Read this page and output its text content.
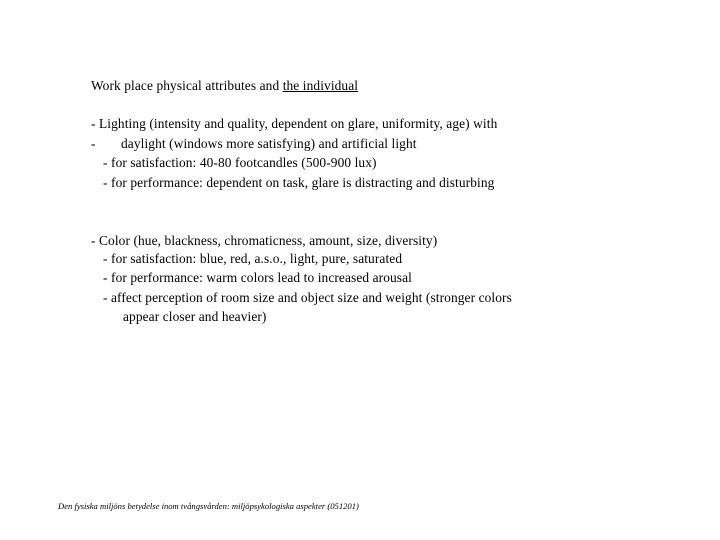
Work place physical attributes and the individual
- Lighting (intensity and quality, dependent on glare, uniformity, age) with
- daylight (windows more satisfying) and artificial light
- for satisfaction: 40-80 footcandles (500-900 lux)
- for performance: dependent on task, glare is distracting and disturbing
- Color (hue, blackness, chromaticness, amount, size, diversity)
- for satisfaction: blue, red, a.s.o., light, pure, saturated
- for performance: warm colors lead to increased arousal
- affect perception of room size and object size and weight (stronger colors
appear closer and heavier)
Den fysiska miljöns betydelse inom tvångsvården: miljöpsykologiska aspekter (051201)
